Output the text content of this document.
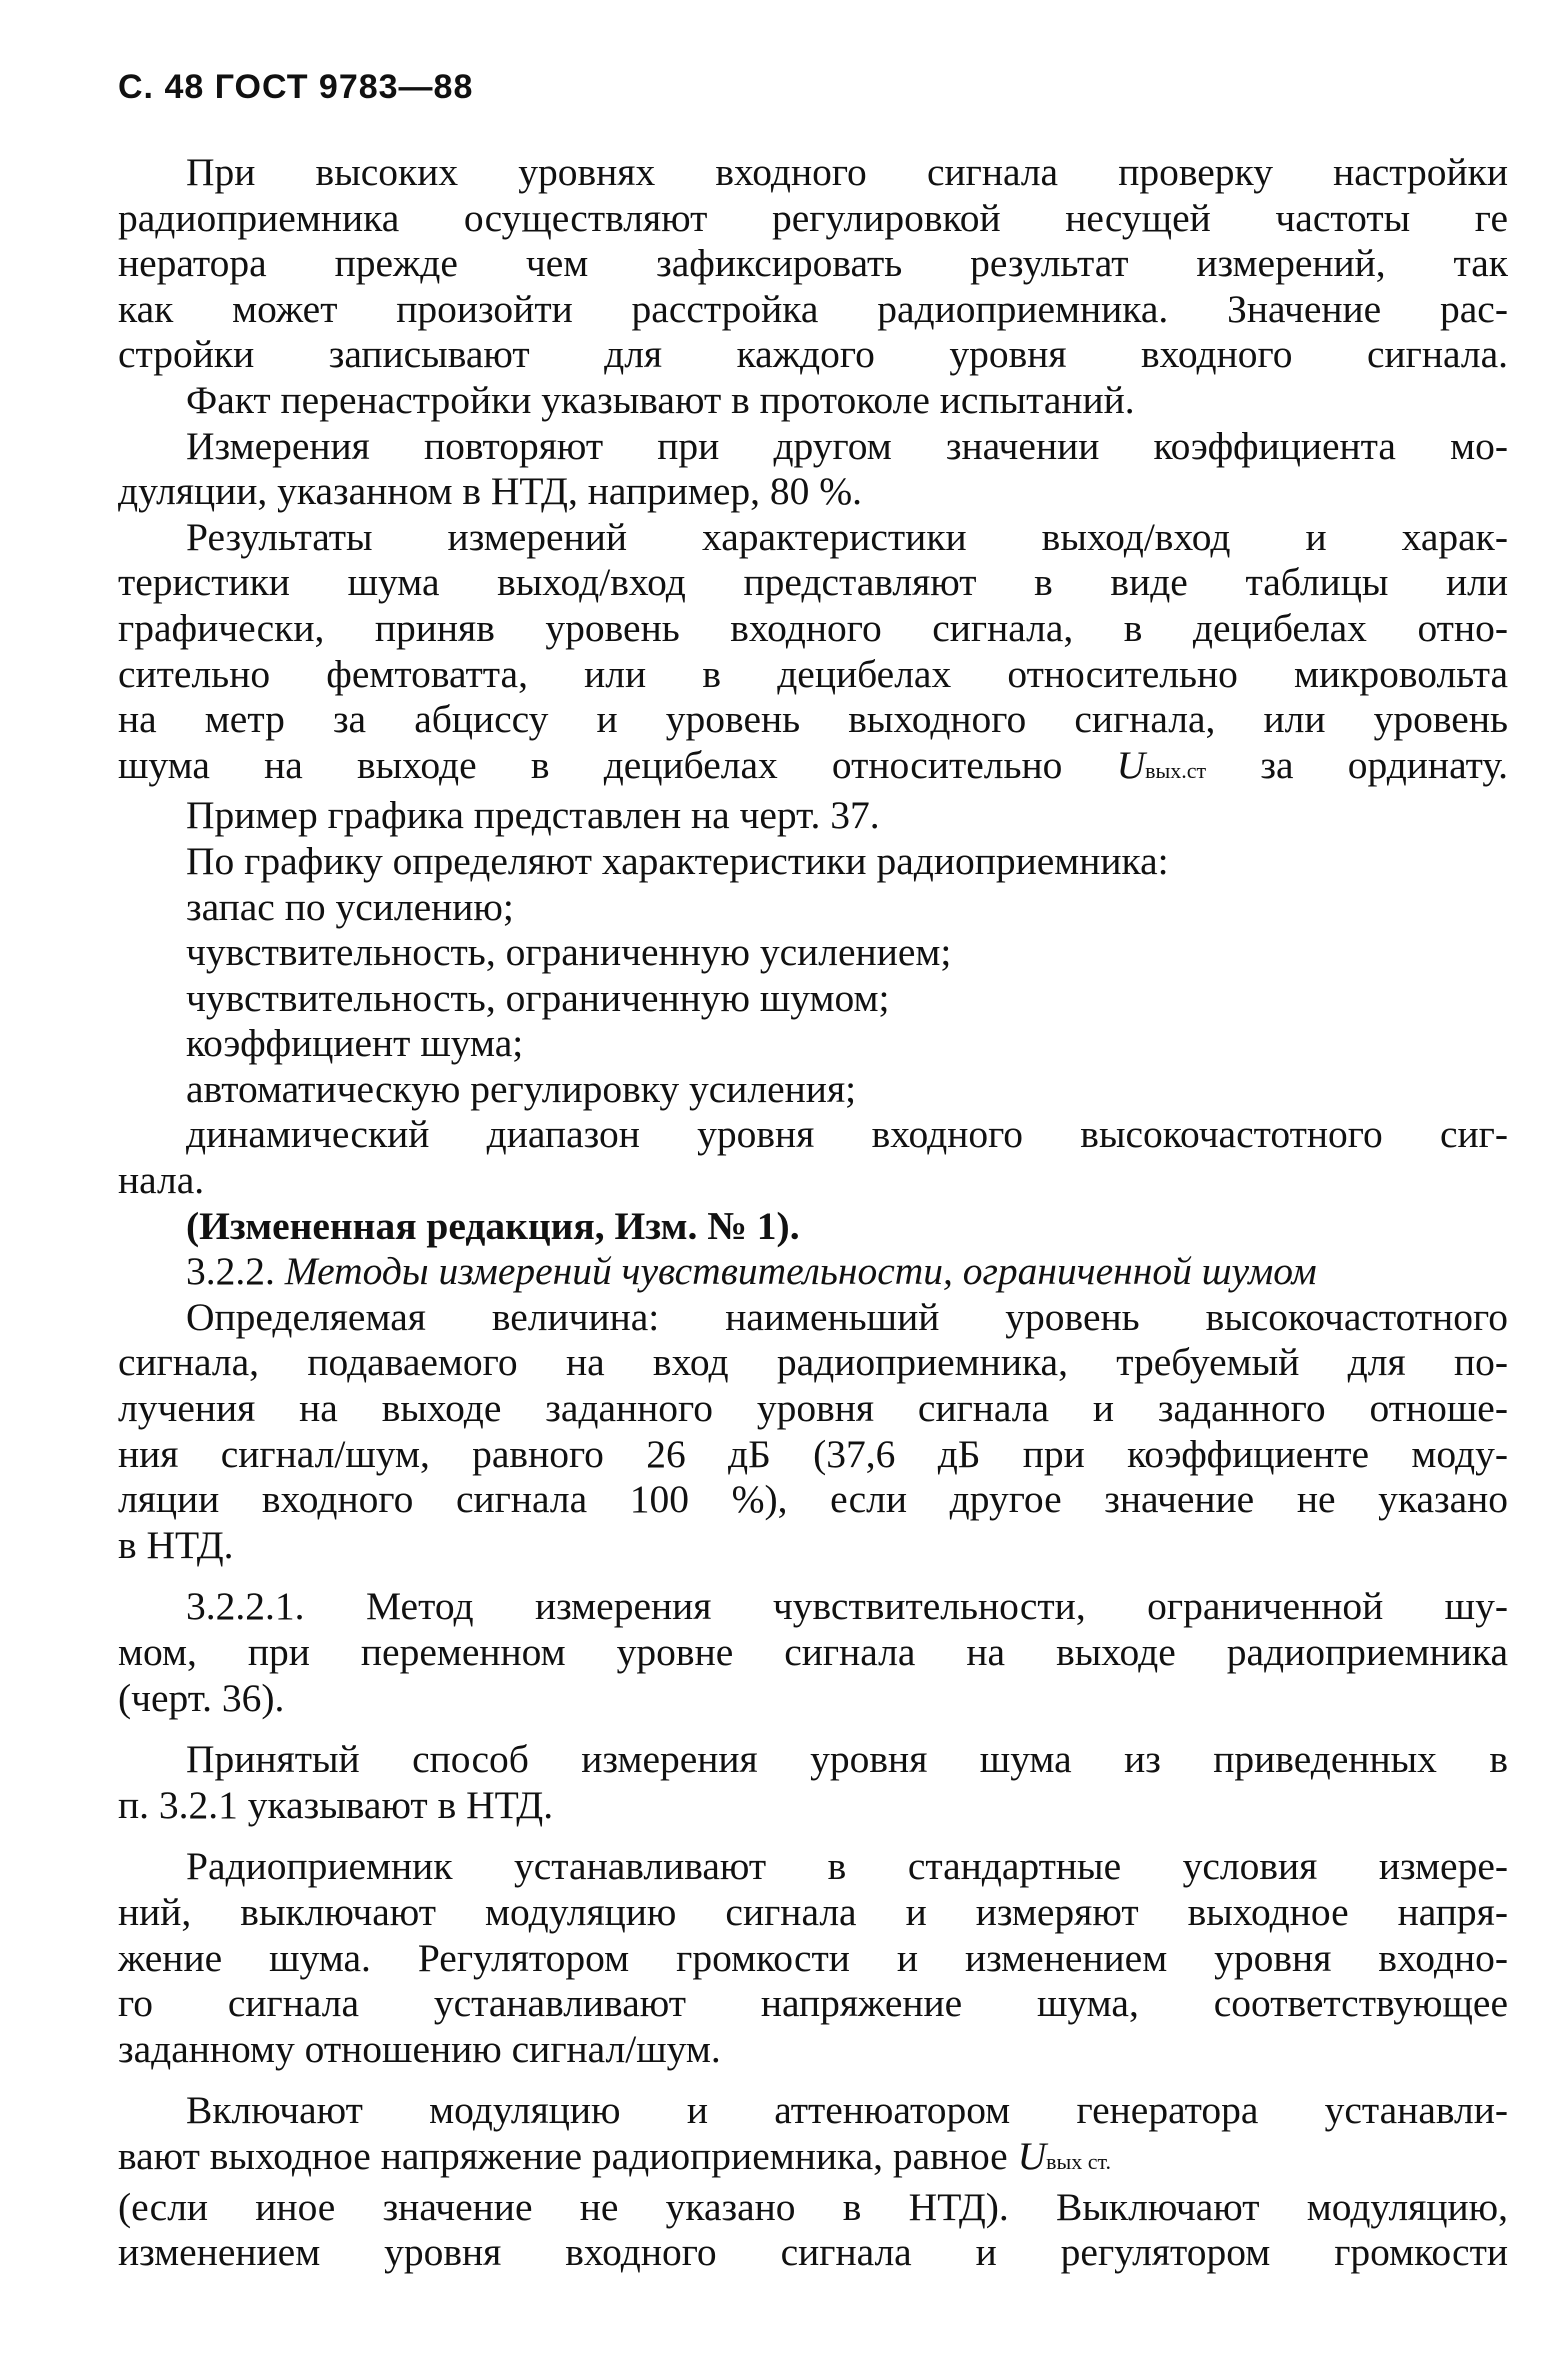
С. 48 ГОСТ 9783—88

При высоких уровнях входного сигнала проверку настройки

радиоприемника осуществляют регулировкой несущей частоты ге

нератора прежде чем зафиксировать результат измерений, так

как может произойти расстройка радиоприемника. Значение рас-

стройки записывают для каждого уровня входного сигнала.

Факт перенастройки указывают в протоколе испытаний.

Измерения повторяют при другом значении коэффициента мо-

дуляции, указанном в НТД, например, 80 %.

Результаты измерений характеристики выход/вход и харак-

теристики шума выход/вход представляют в виде таблицы или

графически, приняв уровень входного сигнала, в децибелах отно-

сительно фемтоватта, или в децибелах относительно микровольта

на метр за абциссу и уровень выходного сигнала, или уровень

шума на выходе в децибелах относительно Uвых.ст за ординату.

Пример графика представлен на черт. 37.

По графику определяют характеристики радиоприемника:

запас по усилению;

чувствительность, ограниченную усилением;

чувствительность, ограниченную шумом;

коэффициент шума;

автоматическую регулировку усиления;

динамический диапазон уровня входного высокочастотного сиг-

нала.

(Измененная редакция, Изм. № 1).

3.2.2. Методы измерений чувствительности, ограниченной шумом

Определяемая величина: наименьший уровень высокочастотного

сигнала, подаваемого на вход радиоприемника, требуемый для по-

лучения на выходе заданного уровня сигнала и заданного отноше-

ния сигнал/шум, равного 26 дБ (37,6 дБ при коэффициенте моду-

ляции входного сигнала 100 %), если другое значение не указано

в НТД.

3.2.2.1. Метод измерения чувствительности, ограниченной шу-

мом, при переменном уровне сигнала на выходе радиоприемника

(черт. 36).

Принятый способ измерения уровня шума из приведенных в

п. 3.2.1 указывают в НТД.

Радиоприемник устанавливают в стандартные условия измере-

ний, выключают модуляцию сигнала и измеряют выходное напря-

жение шума. Регулятором громкости и изменением уровня входно-

го сигнала устанавливают напряжение шума, соответствующее

заданному отношению сигнал/шум.

Включают модуляцию и аттенюатором генератора устанавли-

вают выходное напряжение радиоприемника, равное Uвых ст.

(если иное значение не указано в НТД). Выключают модуляцию,

изменением уровня входного сигнала и регулятором громкости
